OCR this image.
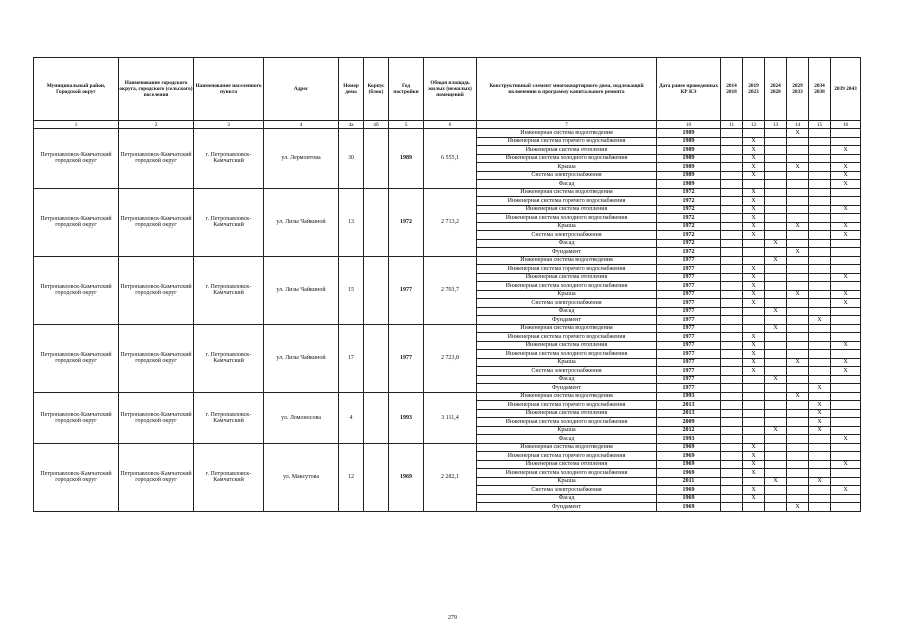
Муниципальный район, Городской округ	Наименование городского округа, городского (сельского) поселения	Наименование населенного пункта	Адрес	Номер дома	Корпус (блок)	Год постройки	Общая площадь жилых (нежилых) помещений	Конструктивный элемент многоквартирного дома, подлежащий включению в программу капитального ремонта	Дата ранее проведенных КР КЭ	2014 2018	2019 2023	2024 2028	2029 2033	2034 2038	2039 2043
1	2	3	4	4а	4б	5	6	7	10	11	12	13	14	15	16
Петропавловск-Камчатский городской округ	Петропавловск-Камчатский городской округ	г. Петропавловск-Камчатский	ул. Лермонтова	30		1989	6 555,1	Инженерная система водоотведения	1989				X		
								Инженерная система горячего водоснабжения	1989		X				
								Инженерная система отопления	1989		X				X
								Инженерная система холодного водоснабжения	1989		X				
								Крыша	1989		X		X		X
								Система электроснабжения	1989		X				X
								Фасад	1989						X
Петропавловск-Камчатский городской округ	Петропавловск-Камчатский городской округ	г. Петропавловск-Камчатский	ул. Лизы Чайкиной	13		1972	2 713,2	Инженерная система водоотведения	1972		X				
								Инженерная система горячего водоснабжения	1972		X				
								Инженерная система отопления	1972		X				X
								Инженерная система холодного водоснабжения	1972		X				
								Крыша	1972		X		X		X
								Система электроснабжения	1972		X				X
								Фасад	1972			X			
								Фундамент	1972				X		
Петропавловск-Камчатский городской округ	Петропавловск-Камчатский городской округ	г. Петропавловск-Камчатский	ул. Лизы Чайкиной	15		1977	2 703,7	Инженерная система водоотведения	1977			X			
								Инженерная система горячего водоснабжения	1977		X				
								Инженерная система отопления	1977		X				X
								Инженерная система холодного водоснабжения	1977		X				
								Крыша	1977		X		X		X
								Система электроснабжения	1977		X				X
								Фасад	1977			X			
								Фундамент	1977					X	
Петропавловск-Камчатский городской округ	Петропавловск-Камчатский городской округ	г. Петропавловск-Камчатский	ул. Лизы Чайкиной	17		1977	2 723,8	Инженерная система водоотведения	1977			X			
								Инженерная система горячего водоснабжения	1977		X				
								Инженерная система отопления	1977		X				X
								Инженерная система холодного водоснабжения	1977		X				
								Крыша	1977		X		X		X
								Система электроснабжения	1977		X				X
								Фасад	1977			X			
								Фундамент	1977					X	
Петропавловск-Камчатский городской округ	Петропавловск-Камчатский городской округ	г. Петропавловск-Камчатский	ул. Ломоносова	4		1993	3 111,4	Инженерная система водоотведения	1993				X		
								Инженерная система горячего водоснабжения	2013					X	
								Инженерная система отопления	2013					X	
								Инженерная система холодного водоснабжения	2009					X	
								Крыша	2012			X		X	
								Фасад	1993						X
Петропавловск-Камчатский городской округ	Петропавловск-Камчатский городской округ	г. Петропавловск-Камчатский	ул. Максутова	12		1969	2 282,1	Инженерная система водоотведения	1969		X				
								Инженерная система горячего водоснабжения	1969		X				
								Инженерная система отопления	1969		X				X
								Инженерная система холодного водоснабжения	1969		X				
								Крыша	2011			X		X	
								Система электроснабжения	1969		X				X
								Фасад	1969		X				
								Фундамент	1969				X		
279
